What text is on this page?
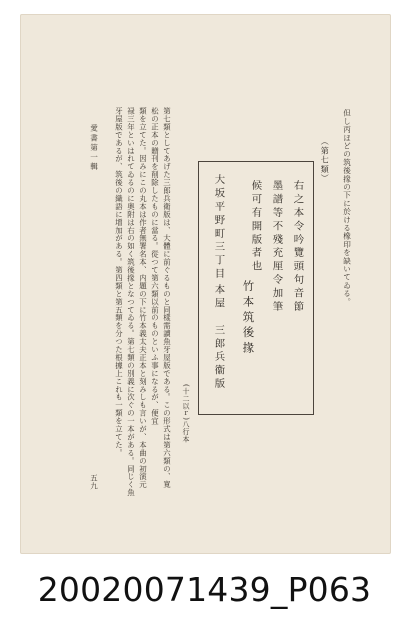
但し丙ほどの筑後掾の下に於ける橡印を缺いてゐる。
（第七類）
右之本令吟覽頭句音節
墨譜等不殘充厘令加筆
候可有開版者也
竹本筑後掾
大坂平野町三丁目
本屋　三郎兵衞版
(十二以ｒ)八行本
第七類としてあげた三郎兵衛版は、大體に前ぐるものと同樣需讀魚牙屋版である。この形式は第六類の、寬
松の正本の贈刊を削除したものに當る。從つて第六類以前のものといふ事になるが、便宜
類を立てた。因みにこの丸本は作者無署名本、内題の下に竹本義太夫正本と刻みしも言いが、本曲の初演元
禄三年といはれてゐるのに奧附は右の如く筑後掾となつてゐる。第七類の別義に次ぐの一本がある。同じく魚
牙屋版であるが、筑後の織語に增加がある。第四類と第五類を分つた根據上これも一類を立てた。
愛書第一輯
五九
20020071439_P063
